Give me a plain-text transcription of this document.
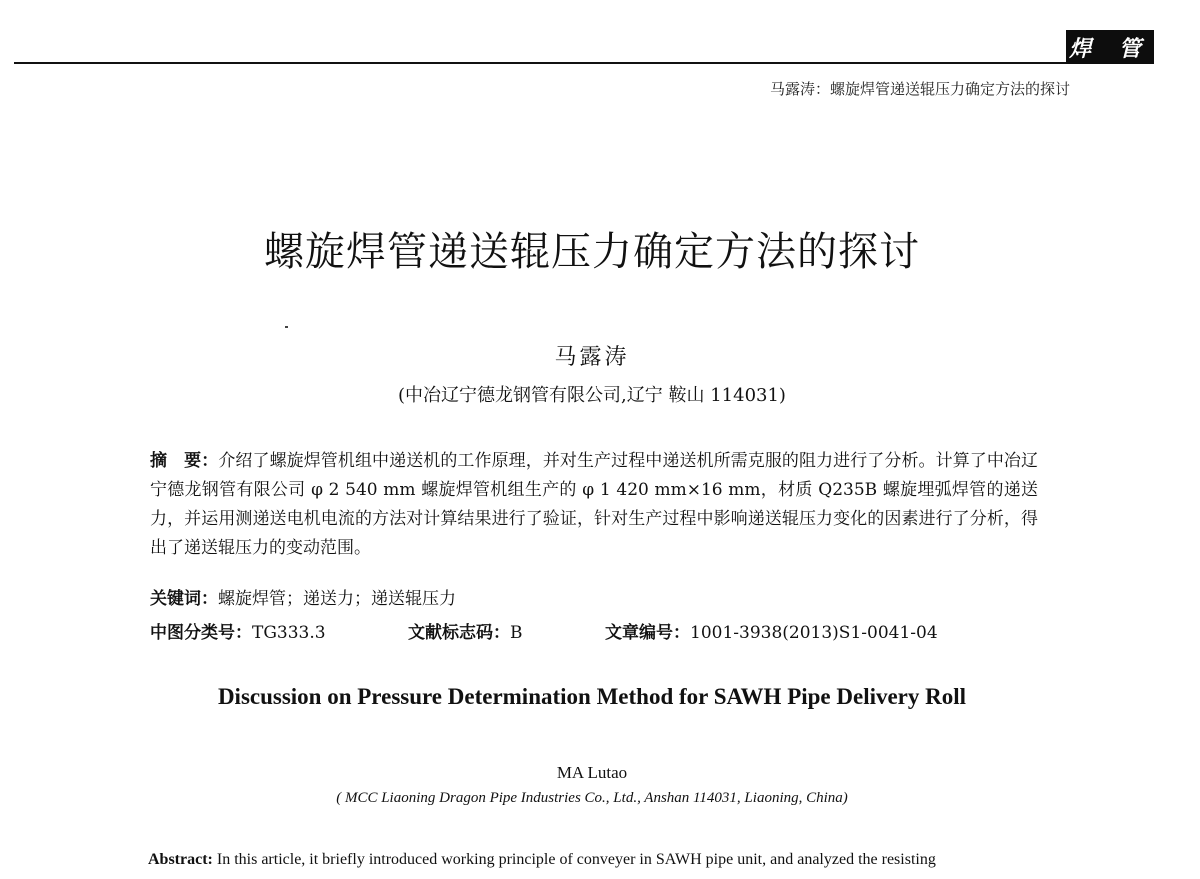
焊 管
马露涛：螺旋焊管递送辊压力确定方法的探讨
螺旋焊管递送辊压力确定方法的探讨
马露涛
(中冶辽宁德龙钢管有限公司,辽宁 鞍山 114031)
摘　要：介绍了螺旋焊管机组中递送机的工作原理，并对生产过程中递送机所需克服的阻力进行了分析。计算了中冶辽宁德龙钢管有限公司 φ 2 540 mm 螺旋焊管机组生产的 φ 1 420 mm×16 mm，材质 Q235B 螺旋埋弧焊管的递送力，并运用测递送电机电流的方法对计算结果进行了验证，针对生产过程中影响递送辊压力变化的因素进行了分析，得出了递送辊压力的变动范围。
关键词：螺旋焊管；递送力；递送辊压力
中图分类号：TG333.3	文献标志码：B	文章编号：1001-3938(2013)S1-0041-04
Discussion on Pressure Determination Method for SAWH Pipe Delivery Roll
MA Lutao
( MCC Liaoning Dragon Pipe Industries Co., Ltd., Anshan 114031, Liaoning, China)
Abstract: In this article, it briefly introduced working principle of conveyer in SAWH pipe unit, and analyzed the resisting
